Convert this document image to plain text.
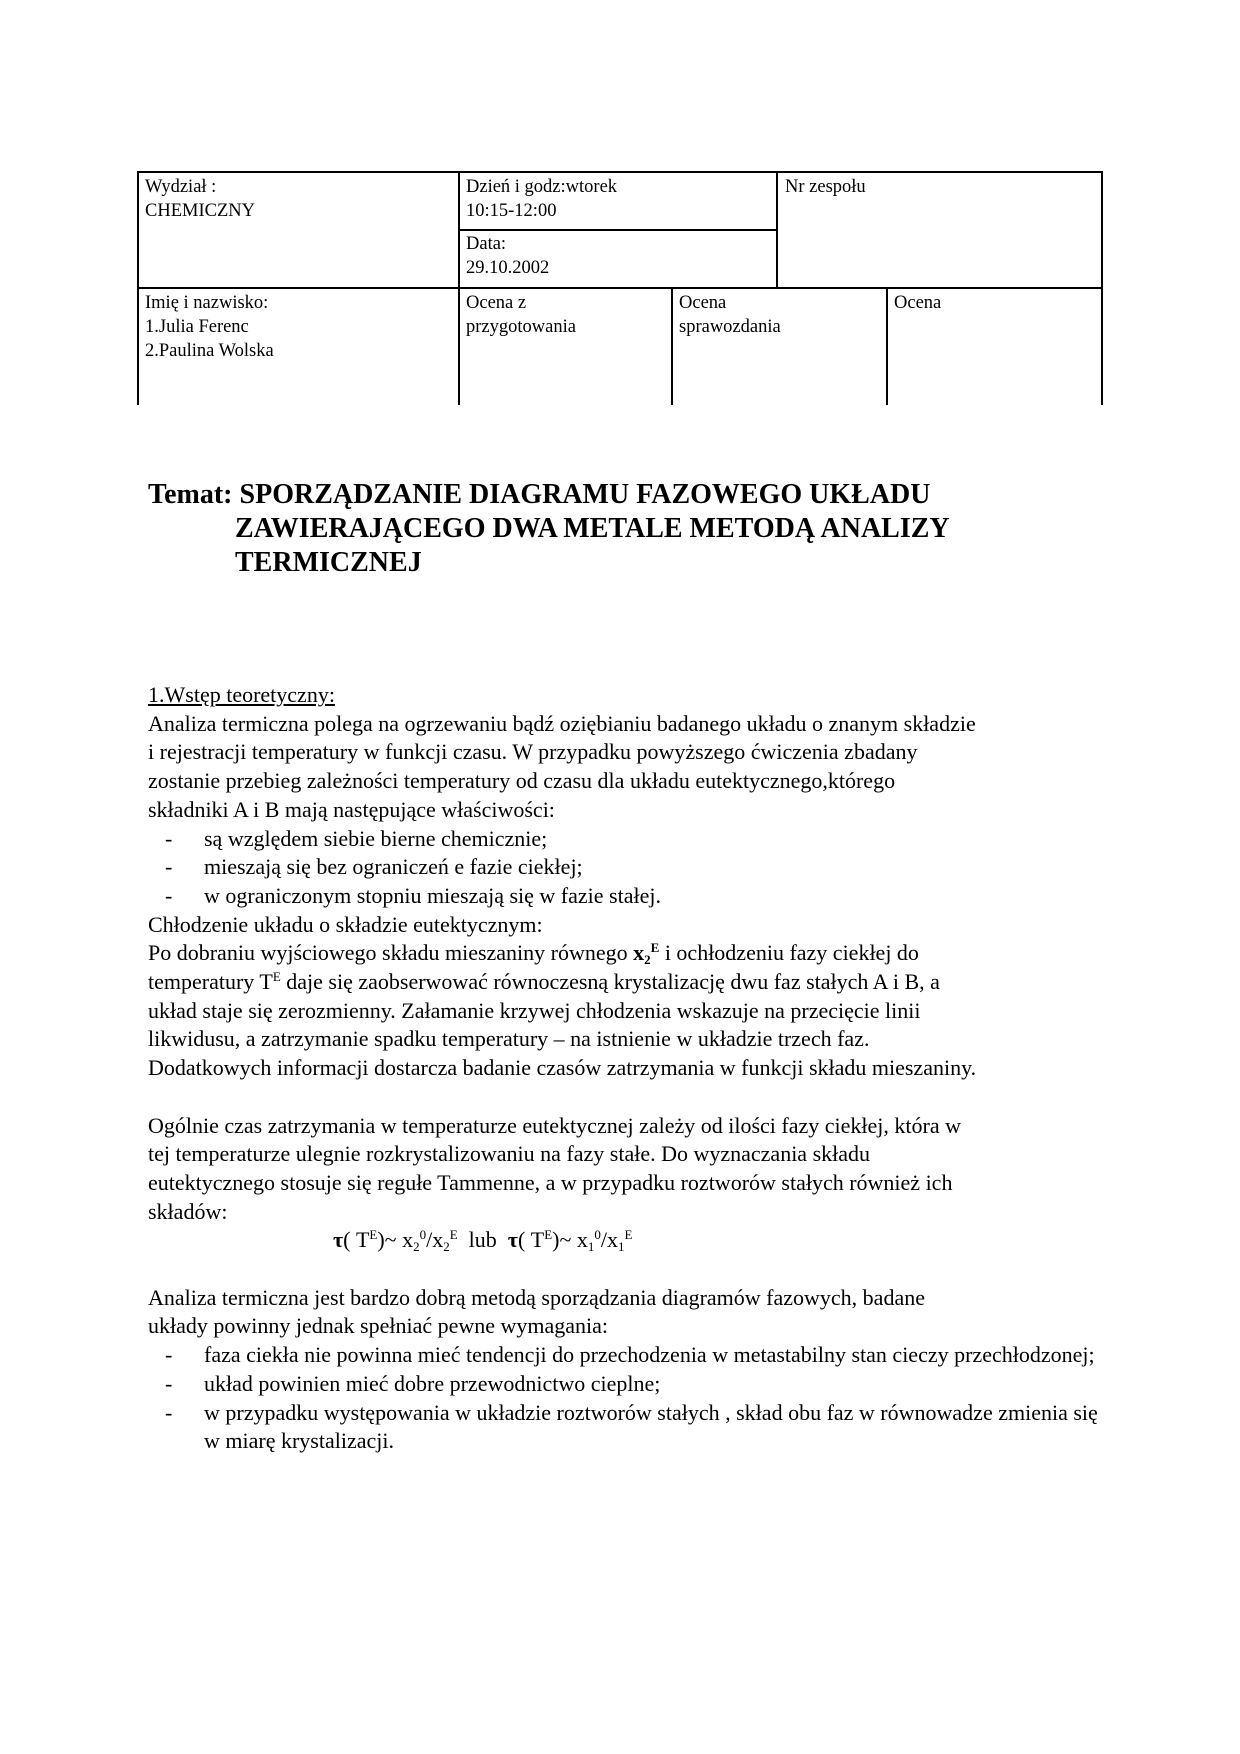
Wydział :
CHEMICZNY
Dzień i godz:wtorek
10:15-12:00
Data:
29.10.2002
Nr zespołu
Imię i nazwisko:
1.Julia Ferenc
2.Paulina Wolska
Ocena z
przygotowania
Ocena
sprawozdania
Ocena
Temat: SPORZĄDZANIE DIAGRAMU FAZOWEGO UKŁADU
ZAWIERAJĄCEGO DWA METALE METODĄ ANALIZY
TERMICZNEJ

1.Wstęp teoretyczny:

Analiza termiczna polega na ogrzewaniu bądź oziębianiu badanego układu o znanym składzie

i rejestracji temperatury w funkcji czasu. W przypadku powyższego ćwiczenia zbadany

zostanie przebieg zależności temperatury od czasu dla układu eutektycznego,którego

składniki A i B mają następujące właściwości:

- są względem siebie bierne chemicznie;
- mieszają się bez ograniczeń e fazie ciekłej;
- w ograniczonym stopniu mieszają się w fazie stałej.

Chłodzenie układu o składzie eutektycznym:

Po dobraniu wyjściowego składu mieszaniny równego $x_2^E$ i ochłodzeniu fazy ciekłej do

temperatury $T^E$ daje się zaobserwować równoczesną krystalizację dwu faz stałych A i B, a

układ staje się zerozmienny. Załamanie krzywej chłodzenia wskazuje na przecięcie linii

likwidusu, a zatrzymanie spadku temperatury – na istnienie w układzie trzech faz.

Dodatkowych informacji dostarcza badanie czasów zatrzymania w funkcji składu mieszaniny.

Ogólnie czas zatrzymania w temperaturze eutektycznej zależy od ilości fazy ciekłej, która w

tej temperaturze ulegnie rozkrystalizowaniu na fazy stałe. Do wyznaczania składu

eutektycznego stosuje się regułe Tammenne, a w przypadku roztworów stałych również ich

składów:

τ( $T^E)\sim$ $x_2^0/x_2^E$  lub  τ( $T^E)\sim$ $x_1^0/x_1^E$

Analiza termiczna jest bardzo dobrą metodą sporządzania diagramów fazowych, badane

układy powinny jednak spełniać pewne wymagania:

- faza ciekła nie powinna mieć tendencji do przechodzenia w metastabilny stan cieczy przechłodzonej;
- układ powinien mieć dobre przewodnictwo cieplne;
- w przypadku występowania w układzie roztworów stałych , skład obu faz w równowadze zmienia się w miarę krystalizacji.
